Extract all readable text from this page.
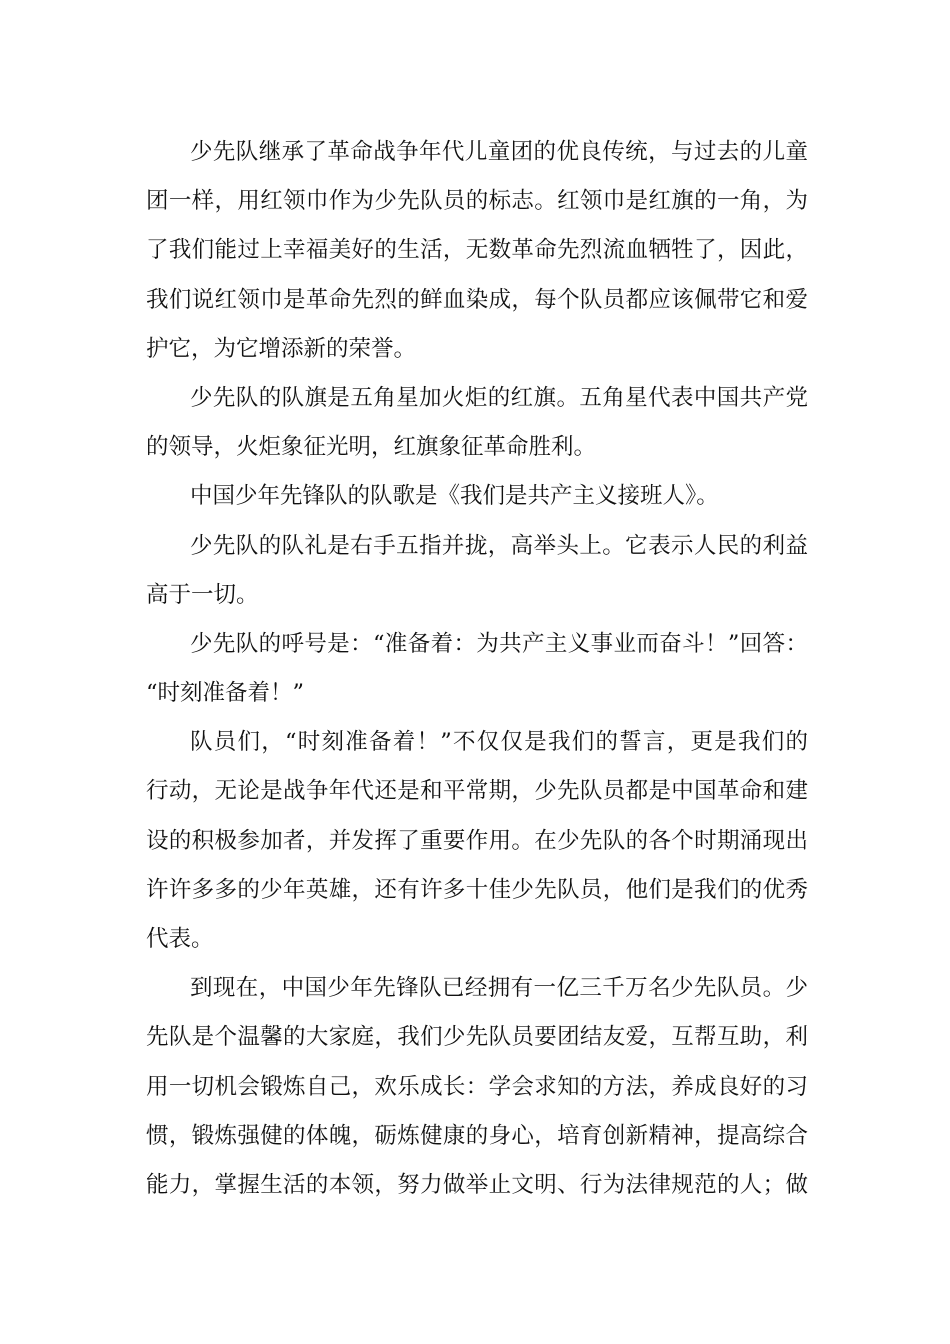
少先队继承了革命战争年代儿童团的优良传统，与过去的儿童
团一样，用红领巾作为少先队员的标志。红领巾是红旗的一角，为
了我们能过上幸福美好的生活，无数革命先烈流血牺牲了，因此，
我们说红领巾是革命先烈的鲜血染成，每个队员都应该佩带它和爱
护它，为它增添新的荣誉。
少先队的队旗是五角星加火炬的红旗。五角星代表中国共产党
的领导，火炬象征光明，红旗象征革命胜利。
中国少年先锋队的队歌是《我们是共产主义接班人》。
少先队的队礼是右手五指并拢，高举头上。它表示人民的利益
高于一切。
少先队的呼号是：“准备着：为共产主义事业而奋斗！”回答：
“时刻准备着！”
队员们，“时刻准备着！”不仅仅是我们的誓言，更是我们的
行动，无论是战争年代还是和平常期，少先队员都是中国革命和建
设的积极参加者，并发挥了重要作用。在少先队的各个时期涌现出
许许多多的少年英雄，还有许多十佳少先队员，他们是我们的优秀
代表。
到现在，中国少年先锋队已经拥有一亿三千万名少先队员。少
先队是个温馨的大家庭，我们少先队员要团结友爱，互帮互助，利
用一切机会锻炼自己，欢乐成长：学会求知的方法，养成良好的习
惯，锻炼强健的体魄，砺炼健康的身心，培育创新精神，提高综合
能力，掌握生活的本领，努力做举止文明、行为法律规范的人；做
